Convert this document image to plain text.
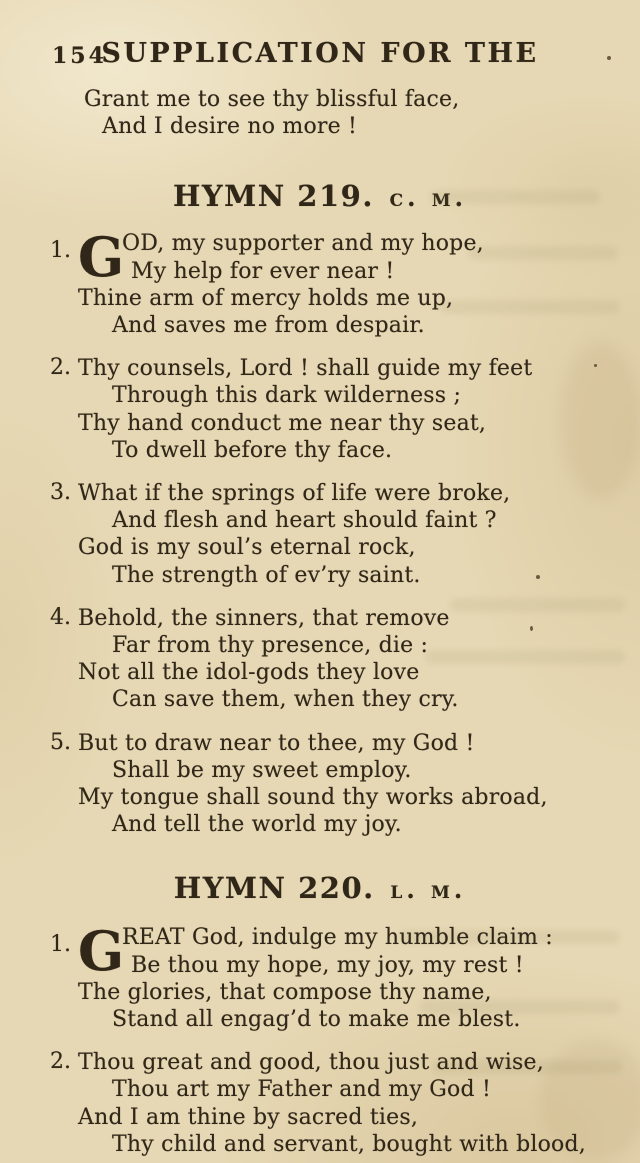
154
SUPPLICATION FOR THE

Grant me to see thy blissful face,

And I desire no more !

HYMN 219. c. m.
1. G

OD, my supporter and my hope,

My help for ever near !

Thine arm of mercy holds me up,

And saves me from despair.

2. Thy counsels, Lord ! shall guide my feet

Through this dark wilderness ;

Thy hand conduct me near thy seat,

To dwell before thy face.

3. What if the springs of life were broke,

And flesh and heart should faint ?

God is my soul’s eternal rock,

The strength of ev’ry saint.

4. Behold, the sinners, that remove

Far from thy presence, die :

Not all the idol-gods they love

Can save them, when they cry.

5. But to draw near to thee, my God !

Shall be my sweet employ.

My tongue shall sound thy works abroad,

And tell the world my joy.

HYMN 220. l. m.
1. G

REAT God, indulge my humble claim :

Be thou my hope, my joy, my rest !

The glories, that compose thy name,

Stand all engag’d to make me blest.

2. Thou great and good, thou just and wise,

Thou art my Father and my God !

And I am thine by sacred ties,

Thy child and servant, bought with blood,
